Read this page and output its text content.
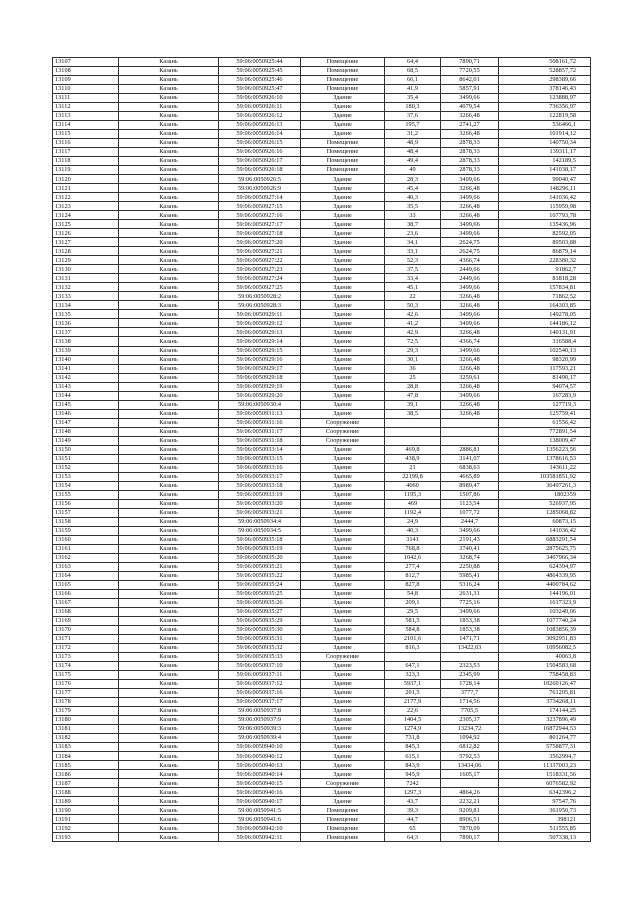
13107	Казань	59:06:0050925:44	Помещение	64,4	7890,71	508161,72
13108	Казань	59:06:0050925:45	Помещение	68,5	7720,55	528857,72
13109	Казань	59:06:0050925:46	Помещение	66,1	8642,01	298389,66
13110	Казань	59:06:0050925:47	Помещение	41,9	5857,91	378146,43
13111	Казань	59:06:0050926:10	Здание	35,4	3499,66	123888,97
13112	Казань	59:06:0050926:11	Здание	180,3	4079,54	736356,97
13113	Казань	59:06:0050926:12	Здание	37,6	3266,48	122819,58
13114	Казань	59:06:0050926:13	Здание	195,7	2741,27	536466,1
13115	Казань	59:06:0050926:14	Здание	31,2	3266,48	101914,12
13116	Казань	59:06:0050926:15	Помещение	48,9	2878,33	140750,34
13117	Казань	59:06:0050926:16	Помещение	48,4	2878,33	139311,17
13118	Казань	59:06:0050926:17	Помещение	49,4	2878,33	142189,5
13119	Казань	59:06:0050926:18	Помещение	49	2878,33	141038,17
13120	Казань	59:06:0050926:5	Здание	28,3	3499,66	99040,47
13121	Казань	59:06:0050926:9	Здание	45,4	3266,48	148296,11
13122	Казань	59:06:0050927:14	Здание	40,3	3499,66	141036,42
13123	Казань	59:06:0050927:15	Здание	35,5	3266,48	115959,98
13124	Казань	59:06:0050927:16	Здание	33	3266,48	107793,78
13125	Казань	59:06:0050927:17	Здание	38,7	3499,66	135436,96
13126	Казань	59:06:0050927:18	Здание	23,6	3499,66	82592,05
13127	Казань	59:06:0050927:20	Здание	34,1	2624,75	89503,88
13128	Казань	59:06:0050927:21	Здание	33,1	2624,75	86879,14
13129	Казань	59:06:0050927:22	Здание	52,3	4366,74	228380,32
13130	Казань	59:06:0050927:23	Здание	37,5	2449,66	91862,7
13131	Казань	59:06:0050927:24	Здание	33,4	2449,66	81818,28
13132	Казань	59:06:0050927:25	Здание	45,1	3499,66	157834,81
13133	Казань	59:06:0050928:2	Здание	22	3266,48	71862,52
13134	Казань	59:06:0050928:3	Здание	50,3	3266,48	164303,85
13135	Казань	59:06:0050929:11	Здание	42,6	3499,66	149278,05
13136	Казань	59:06:0050929:12	Здание	41,2	3499,66	144186,12
13137	Казань	59:06:0050929:13	Здание	42,9	3266,48	140131,91
13138	Казань	59:06:0050929:14	Здание	72,5	4366,74	316588,4
13139	Казань	59:06:0050929:15	Здание	29,3	3499,66	102540,13
13140	Казань	59:06:0050929:16	Здание	30,1	3266,48	98320,99
13141	Казань	59:06:0050929:17	Здание	36	3266,48	117593,21
13142	Казань	59:06:0050929:18	Здание	25	3259,61	81490,17
13143	Казань	59:06:0050929:19	Здание	28,8	3266,48	94074,57
13144	Казань	59:06:0050929:20	Здание	47,8	3499,66	167283,9
13145	Казань	59:06:0050930:4	Здание	39,1	3266,48	127719,3
13146	Казань	59:06:0050931:13	Здание	38,5	3266,48	125759,41
13147	Казань	59:06:0050931:16	Сооружение			61556,42
13148	Казань	59:06:0050931:17	Сооружение			772891,54
13149	Казань	59:06:0050931:18	Сооружение			138009,47
13150	Казань	59:06:0050933:14	Здание	469,8	2886,81	1356223,56
13151	Казань	59:06:0050933:15	Здание	438,9	3141,07	1378616,53
13152	Казань	59:06:0050933:16	Здание	21	6838,63	143611,22
13153	Казань	59:06:0050933:17	Здание	22199,8	4665,89	103581851,92
13154	Казань	59:06:0050933:18	Здание	4060	8989,47	36497261,3
13155	Казань	59:06:0050933:19	Здание	1195,3	1507,86	1802359
13156	Казань	59:06:0050933:20	Здание	469	1123,54	526937,95
13157	Казань	59:06:0050933:21	Здание	1192,4	1077,72	1285068,82
13158	Казань	59:06:0050934:4	Здание	24,9	2444,7	60873,15
13159	Казань	59:06:0050934:5	Здание	40,3	3499,66	141036,42
13160	Казань	59:06:0050935:18	Здание	3141	2191,43	6883291,54
13161	Казань	59:06:0050935:19	Здание	768,8	3740,41	2875625,75
13162	Казань	59:06:0050935:20	Здание	1042,6	3268,74	3407966,34
13163	Казань	59:06:0050935:21	Здание	277,4	2250,88	624394,97
13164	Казань	59:06:0050935:22	Здание	812,7	5985,41	4864339,95
13165	Казань	59:06:0050935:24	Здание	827,8	5316,24	4400784,62
13166	Казань	59:06:0050935:25	Здание	54,8	2631,31	144196,01
13167	Казань	59:06:0050935:26	Здание	209,1	7725,16	1617323,9
13168	Казань	59:06:0050935:27	Здание	29,5	3499,66	103240,06
13169	Казань	59:06:0050935:29	Здание	581,5	1853,38	1077740,24
13170	Казань	59:06:0050935:30	Здание	584,8	1853,38	1083856,39
13171	Казань	59:06:0050935:31	Здание	2101,6	1471,71	3092951,83
13172	Казань	59:06:0050935:32	Здание	816,3	13422,03	10956082,5
13173	Казань	59:06:0050935:33	Сооружение			40063,8
13174	Казань	59:06:0050937:10	Здание	647,1	2323,53	1504583,68
13175	Казань	59:06:0050937:11	Здание	323,3	2345,99	758458,83
13176	Казань	59:06:0050937:12	Здание	5937,1	1728,14	10260126,47
13177	Казань	59:06:0050937:16	Здание	201,5	3777,7	761205,81
13178	Казань	59:06:0050937:17	Здание	2177,9	1714,56	3734268,11
13179	Казань	59:06:0050937:8	Здание	22,6	7705,5	174144,25
13180	Казань	59:06:0050937:9	Здание	1404,5	2305,37	3237896,49
13181	Казань	59:06:0050939:3	Здание	1274,9	13234,72	16872944,53
13182	Казань	59:06:0050939:4	Здание	731,8	1094,92	801264,77
13183	Казань	59:06:0050940:10	Здание	845,3	6812,82	5758877,31
13184	Казань	59:06:0050940:12	Здание	615,1	5792,53	3562994,7
13185	Казань	59:06:0050940:13	Здание	843,9	13434,06	11337003,23
13186	Казань	59:06:0050940:14	Здание	945,9	1605,17	1518331,56
13187	Казань	59:06:0050940:15	Сооружение	7242		6076582,92
13188	Казань	59:06:0050940:16	Здание	1297,3	4864,26	6342396,2
13189	Казань	59:06:0050940:17	Здание	43,7	2232,21	97547,76
13190	Казань	59:06:0050941:5	Помещение	39,3	9209,81	361950,73
13191	Казань	59:06:0050941:6	Помещение	44,7	8906,51	398121
13192	Казань	59:06:0050942:10	Помещение	65	7870,09	511555,85
13193	Казань	59:06:0050942:11	Помещение	64,3	7890,17	507338,13
